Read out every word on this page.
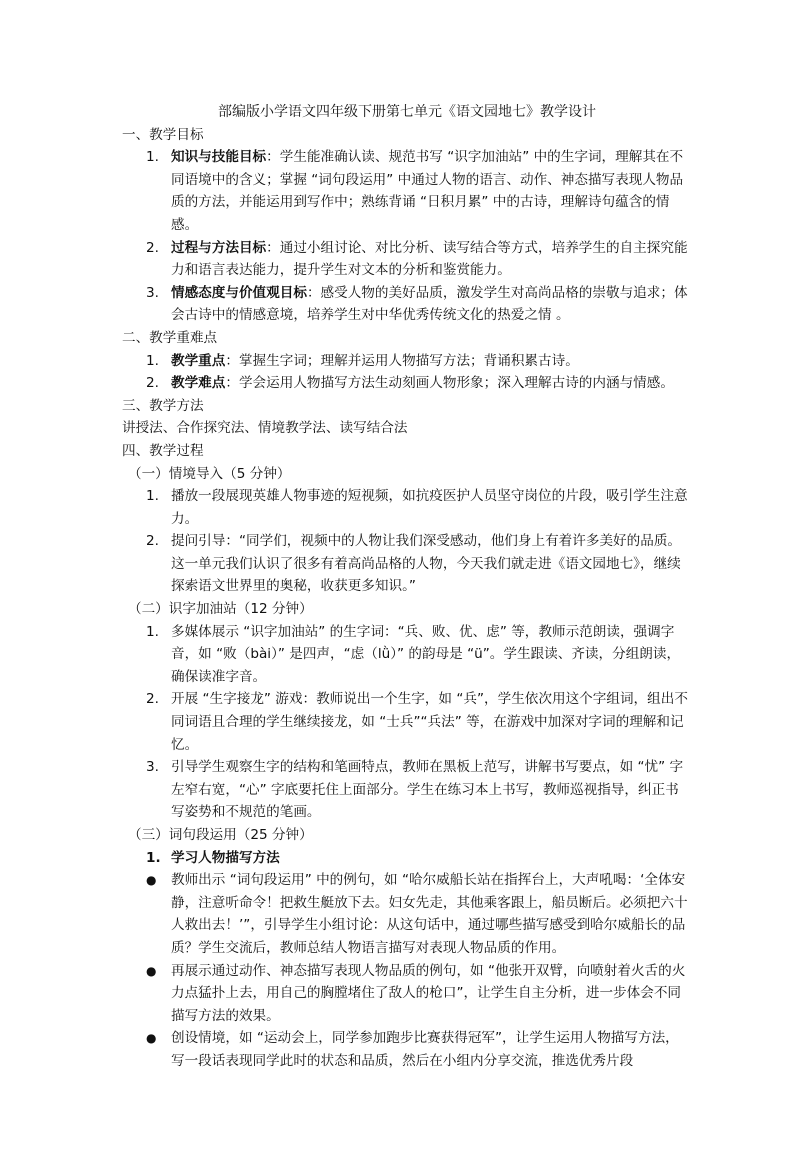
部编版小学语文四年级下册第七单元《语文园地七》教学设计

一、教学目标

1. 知识与技能目标：学生能准确认读、规范书写 “识字加油站” 中的生字词，理解其在不同语境中的含义；掌握 “词句段运用” 中通过人物的语言、动作、神态描写表现人物品质的方法，并能运用到写作中；熟练背诵 “日积月累” 中的古诗，理解诗句蕴含的情感。
2. 过程与方法目标：通过小组讨论、对比分析、读写结合等方式，培养学生的自主探究能力和语言表达能力，提升学生对文本的分析和鉴赏能力。
3. 情感态度与价值观目标：感受人物的美好品质，激发学生对高尚品格的崇敬与追求；体会古诗中的情感意境，培养学生对中华优秀传统文化的热爱之情 。

二、教学重难点

1. 教学重点：掌握生字词；理解并运用人物描写方法；背诵积累古诗。
2. 教学难点：学会运用人物描写方法生动刻画人物形象；深入理解古诗的内涵与情感。

三、教学方法

讲授法、合作探究法、情境教学法、读写结合法

四、教学过程

（一）情境导入（5 分钟）

1. 播放一段展现英雄人物事迹的短视频，如抗疫医护人员坚守岗位的片段，吸引学生注意力。
2. 提问引导：“同学们，视频中的人物让我们深受感动，他们身上有着许多美好的品质。这一单元我们认识了很多有着高尚品格的人物，今天我们就走进《语文园地七》，继续探索语文世界里的奥秘，收获更多知识。”

（二）识字加油站（12 分钟）

1. 多媒体展示 “识字加油站” 的生字词：“兵、败、优、虑” 等，教师示范朗读，强调字音，如 “败（bài）” 是四声，“虑（lǜ）” 的韵母是 “ü”。学生跟读、齐读，分组朗读，确保读准字音。
2. 开展 “生字接龙” 游戏：教师说出一个生字，如 “兵”，学生依次用这个字组词，组出不同词语且合理的学生继续接龙，如 “士兵”“兵法” 等，在游戏中加深对字词的理解和记忆。
3. 引导学生观察生字的结构和笔画特点，教师在黑板上范写，讲解书写要点，如 “忧” 字左窄右宽，“心” 字底要托住上面部分。学生在练习本上书写，教师巡视指导，纠正书写姿势和不规范的笔画。

（三）词句段运用（25 分钟）

1. 学习人物描写方法
● 教师出示 “词句段运用” 中的例句，如 “哈尔威船长站在指挥台上，大声吼喝：‘全体安静，注意听命令！把救生艇放下去。妇女先走，其他乘客跟上，船员断后。必须把六十人救出去！’”，引导学生小组讨论：从这句话中，通过哪些描写感受到哈尔威船长的品质？学生交流后，教师总结人物语言描写对表现人物品质的作用。
● 再展示通过动作、神态描写表现人物品质的例句，如 “他张开双臂，向喷射着火舌的火力点猛扑上去，用自己的胸膛堵住了敌人的枪口”，让学生自主分析，进一步体会不同描写方法的效果。
● 创设情境，如 “运动会上，同学参加跑步比赛获得冠军”，让学生运用人物描写方法，写一段话表现同学此时的状态和品质，然后在小组内分享交流，推选优秀片段
